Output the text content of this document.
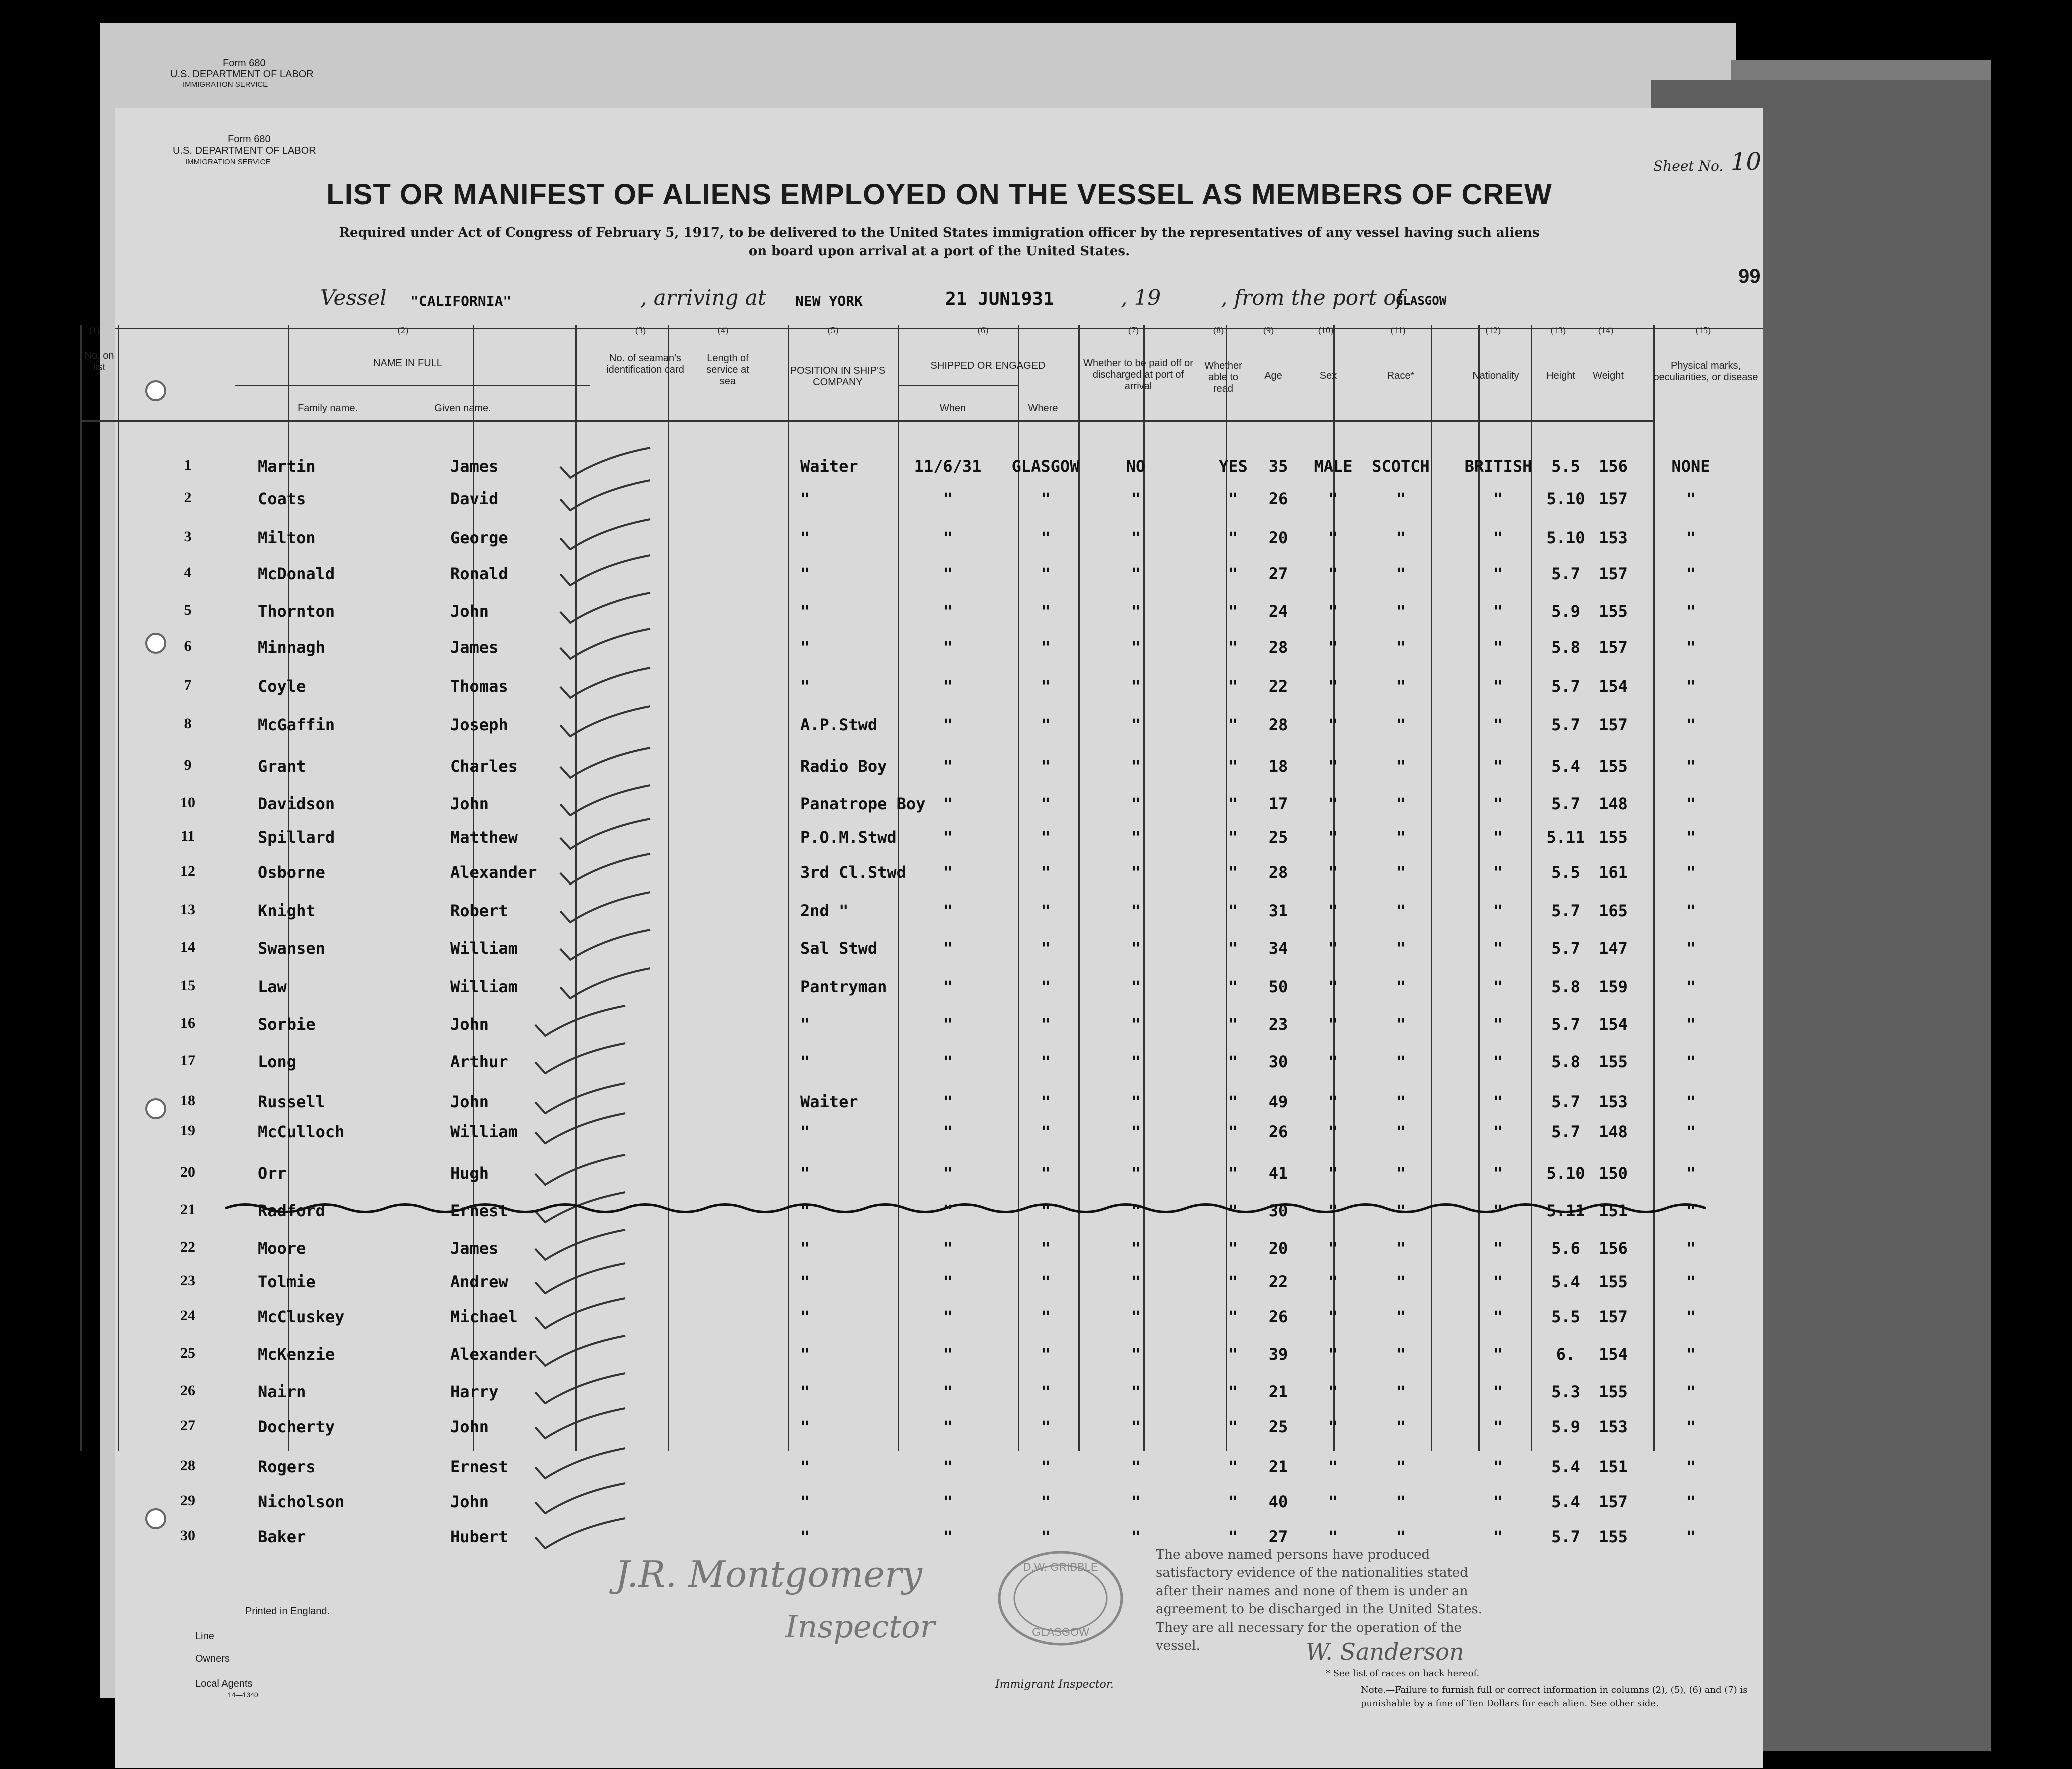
Form 680
U.S. DEPARTMENT OF LABOR
IMMIGRATION SERVICE
Form 680
U.S. DEPARTMENT OF LABOR
IMMIGRATION SERVICE	Sheet No. 10
LIST OR MANIFEST OF ALIENS EMPLOYED ON THE VESSEL AS MEMBERS OF CREW
Required under Act of Congress of February 5, 1917, to be delivered to the United States immigration officer by the representatives of any vessel having such aliens
on board upon arrival at a port of the United States.
99
Vessel "CALIFORNIA"	, arriving at NEW YORK	21 JUN1931	, 19	, from the port of
GLASGOW
(1)	(2)	(3)	(4)	(5)	(6)	(7)	(8)	(9)	(10)	(11)	(12)	(13)	(14)	(15)
No. on list	NAME IN FULL
Family name.	Given name.
No. of seaman's identification card
Length of service at sea
POSITION IN SHIP'S COMPANY
SHIPPED OR ENGAGED
When	Where
Whether to be paid off or discharged at port of arrival
Whether able to read
Age	Sex	Race*	Nationality	Height	Weight
Physical marks, peculiarities, or disease
1	Martin	James	Waiter	11/6/31	GLASGOW	NO	YES	35	MALE	SCOTCH	BRITISH	5.5	156	NONE
2	Coats	David	"	"	"	"	"	26	"	"	"	5.10 157	"
3	Milton	George	"	"	"	"	"	20	"	"	"	5.10 153	"
4	McDonald	Ronald	"	"	"	"	"	27	"	"	"	5.7	157	"
5	Thornton	John	"	"	"	"	"	24	"	"	"	5.9	155	"
6	Minnagh	James	"	"	"	"	"	28	"	"	"	5.8	157	"
7	Coyle	Thomas	"	"	"	"	"	22	"	"	"	5.7	154	"
8	McGaffin	Joseph	A.P.Stwd	"	"	"	"	28	"	"	"	5.7	157	"
9	Grant	Charles	Radio Boy	"	"	"	"	18	"	"	"	5.4	155	"
10	Davidson	John	Panatrope Boy	"	"	"	"	17	"	"	"	5.7	148	"
11	Spillard	Matthew	P.O.M.Stwd	"	"	"	"	25	"	"	"	5.11 155	"
12	Osborne	Alexander	3rd Cl.Stwd	"	"	"	"	28	"	"	"	5.5	161	"
13	Knight	Robert	2nd "	"	"	"	"	31	"	"	"	5.7	165	"
14	Swansen	William	Sal Stwd	"	"	"	"	34	"	"	"	5.7	147	"
15	Law	William	Pantryman	"	"	"	"	50	"	"	"	5.8	159	"
16	Sorbie	John	"	"	"	"	"	23	"	"	"	5.7	154	"
17	Long	Arthur	"	"	"	"	"	30	"	"	"	5.8	155	"
18	Russell	John	Waiter	"	"	"	"	49	"	"	"	5.7	153	"
19	McCulloch	William	"	"	"	"	"	26	"	"	"	5.7	148	"
20	Orr	Hugh	"	"	"	"	"	41	"	"	"	5.10 150	"
21	Radford	Ernest	"	"	"	"	"	30	"	"	"	5.11 151	"
22	Moore	James	"	"	"	"	"	20	"	"	"	5.6	156	"
23	Tolmie	Andrew	"	"	"	"	"	22	"	"	"	5.4	155	"
24	McCluskey	Michael	"	"	"	"	"	26	"	"	"	5.5	157	"
25	McKenzie	Alexander	"	"	"	"	"	39	"	"	"	6.	154	"
26	Nairn	Harry	"	"	"	"	"	21	"	"	"	5.3	155	"
27	Docherty	John	"	"	"	"	"	25	"	"	"	5.9	153	"
28	Rogers	Ernest	"	"	"	"	"	21	"	"	"	5.4	151	"
29	Nicholson	John	"	"	"	"	"	40	"	"	"	5.4	157	"
30	Baker	Hubert	"	"	"	"	"	27	"	"	"	5.7	155	"
Printed in England.
Line
Owners
Local Agents
14—1340
J.R. Montgomery
Inspector
Immigrant Inspector.
D.W. GRIBBLE
GLASGOW
The above named persons have produced satisfactory evidence of the nationalities stated after their names and none of them is under an agreement to be discharged in the United States. They are all necessary for the operation of the vessel.	W. Sanderson
* See list of races on back hereof.
Note.—Failure to furnish full or correct information in columns (2), (5), (6) and (7) is punishable by a fine of Ten Dollars for each alien. See other side.
